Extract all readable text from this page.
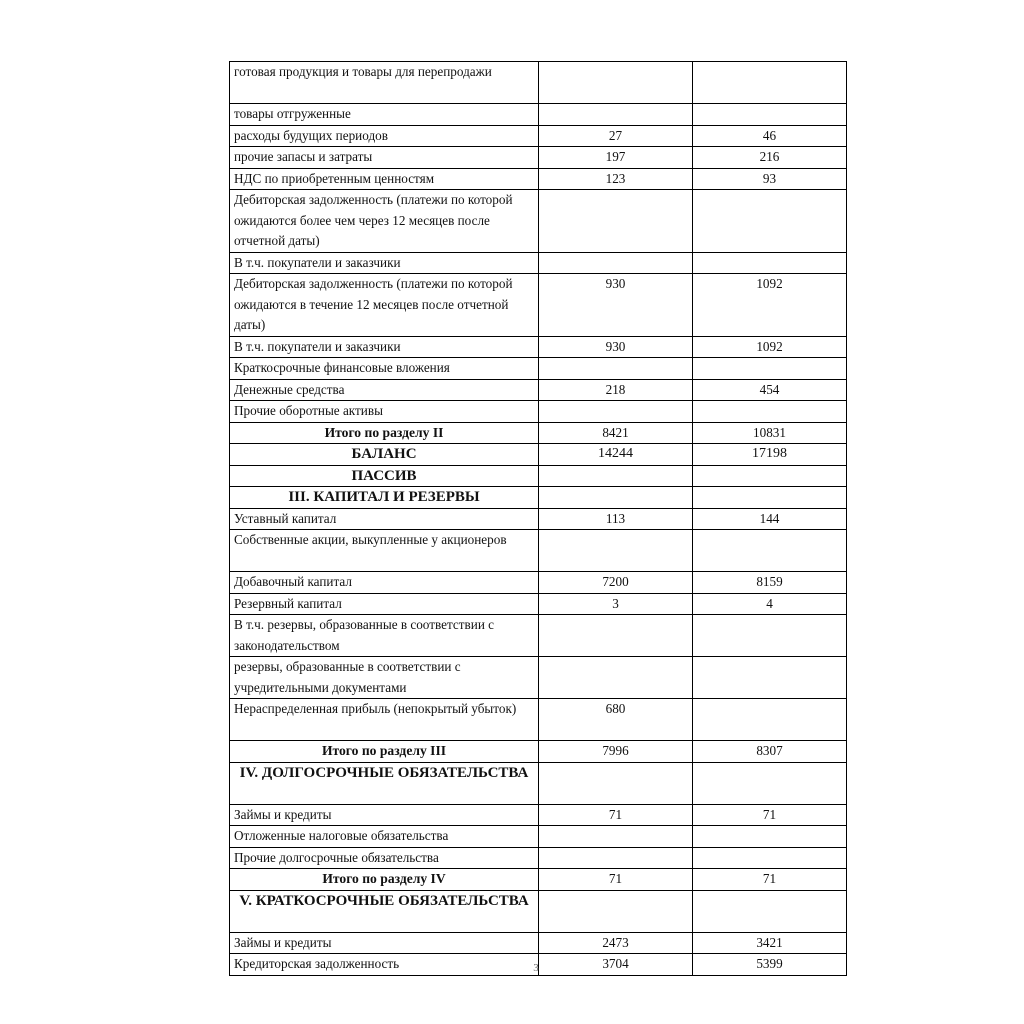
готовая продукция и товары для перепродажи		
товары отгруженные		
расходы будущих периодов	27	46
прочие запасы и затраты	197	216
НДС по приобретенным ценностям	123	93
Дебиторская задолженность (платежи по которой ожидаются более чем через 12 месяцев после отчетной даты)		
В т.ч. покупатели и заказчики		
Дебиторская задолженность (платежи по которой ожидаются в течение 12 месяцев после отчетной даты)	930	1092
В т.ч. покупатели и заказчики	930	1092
Краткосрочные финансовые вложения		
Денежные средства	218	454
Прочие оборотные активы		
Итого по разделу II	8421	10831
БАЛАНС	14244	17198
ПАССИВ		
III. КАПИТАЛ И РЕЗЕРВЫ		
Уставный капитал	113	144
Собственные акции, выкупленные у акционеров		
Добавочный капитал	7200	8159
Резервный капитал	3	4
В т.ч. резервы, образованные в соответствии с законодательством		
резервы, образованные в соответствии с учредительными документами		
Нераспределенная прибыль (непокрытый убыток)	680	
Итого по разделу III	7996	8307
IV. ДОЛГОСРОЧНЫЕ ОБЯЗАТЕЛЬСТВА		
Займы и кредиты	71	71
Отложенные налоговые обязательства		
Прочие долгосрочные обязательства		
Итого по разделу IV	71	71
V. КРАТКОСРОЧНЫЕ ОБЯЗАТЕЛЬСТВА		
Займы и кредиты	2473	3421
Кредиторская задолженность	3704	5399
3
